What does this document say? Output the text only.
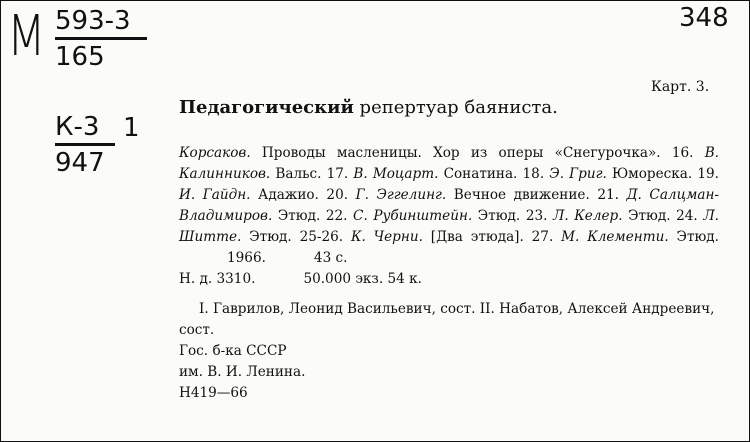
М 593-3
165
К-3
947
1
348
Карт. 3.
Педагогический репертуар баяниста.

Корсаков. Проводы масленицы. Хор из оперы «Снегурочка». 16. В. Калинников. Вальс. 17. В. Моцарт. Сонатина. 18. Э. Григ. Юмореска. 19. И. Гайдн. Адажио. 20. Г. Эггелинг. Вечное движение. 21. Д. Салцман-Владимиров. Этюд. 22. С. Рубинштейн. Этюд. 23. Л. Келер. Этюд. 24. Л. Шитте. Этюд. 25-26. К. Черни. [Два этюда]. 27. М. Клементи. Этюд.1966.	43 с.
Н. д. 3310.	50.000 экз. 54 к.

I. Гаврилов, Леонид Васильевич, сост. II. Набатов, Алексей Андреевич, сост.

Гос. б-ка СССР

им. В. И. Ленина.

Н419—66
